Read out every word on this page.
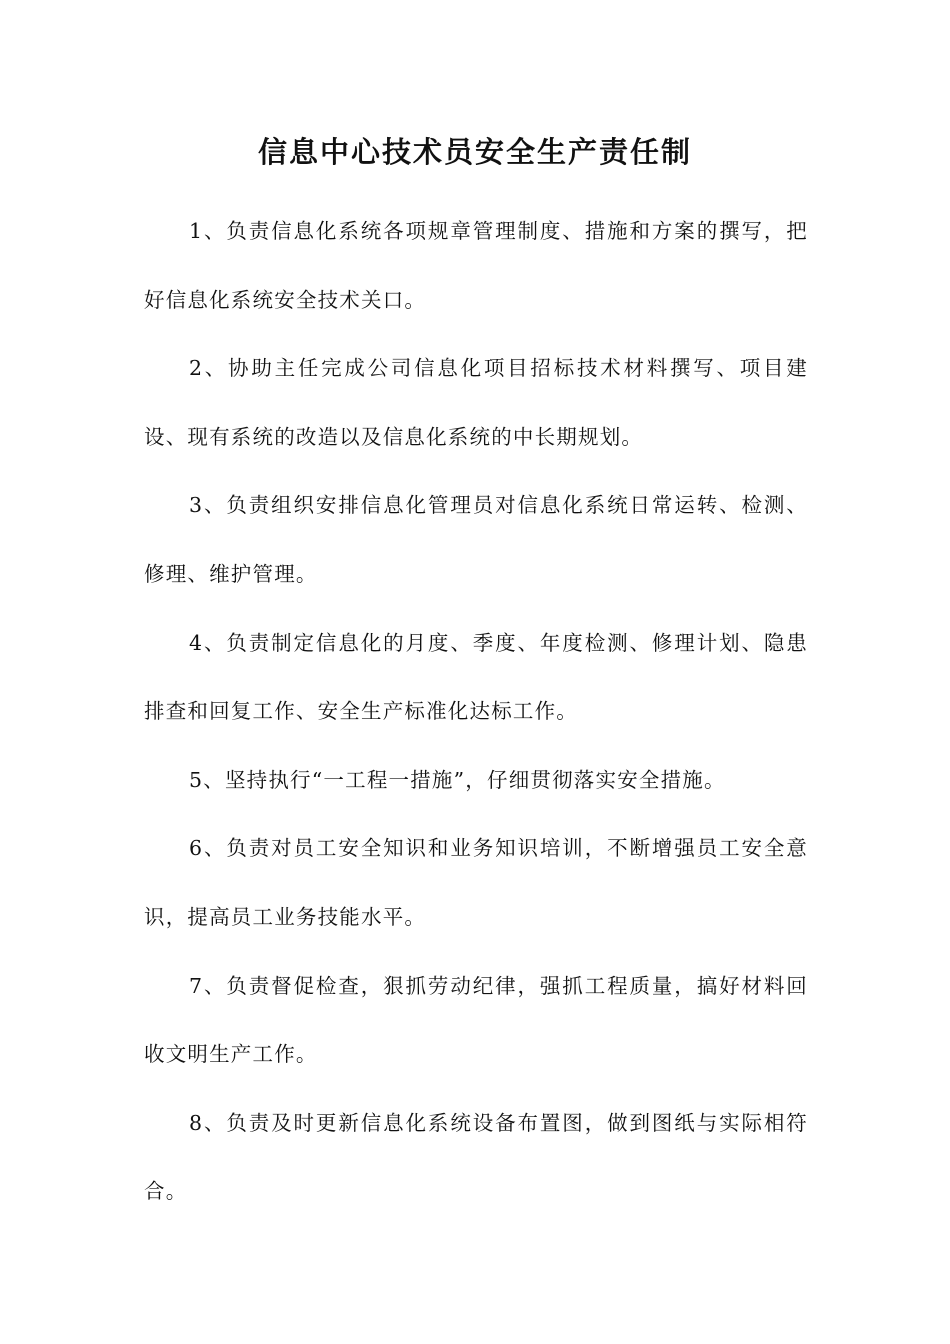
信息中心技术员安全生产责任制

1、负责信息化系统各项规章管理制度、措施和方案的撰写，把好信息化系统安全技术关口。

2、协助主任完成公司信息化项目招标技术材料撰写、项目建设、现有系统的改造以及信息化系统的中长期规划。

3、负责组织安排信息化管理员对信息化系统日常运转、检测、修理、维护管理。

4、负责制定信息化的月度、季度、年度检测、修理计划、隐患排查和回复工作、安全生产标准化达标工作。

5、坚持执行“一工程一措施”，仔细贯彻落实安全措施。

6、负责对员工安全知识和业务知识培训，不断增强员工安全意识，提高员工业务技能水平。

7、负责督促检查，狠抓劳动纪律，强抓工程质量，搞好材料回收文明生产工作。

8、负责及时更新信息化系统设备布置图，做到图纸与实际相符合。
